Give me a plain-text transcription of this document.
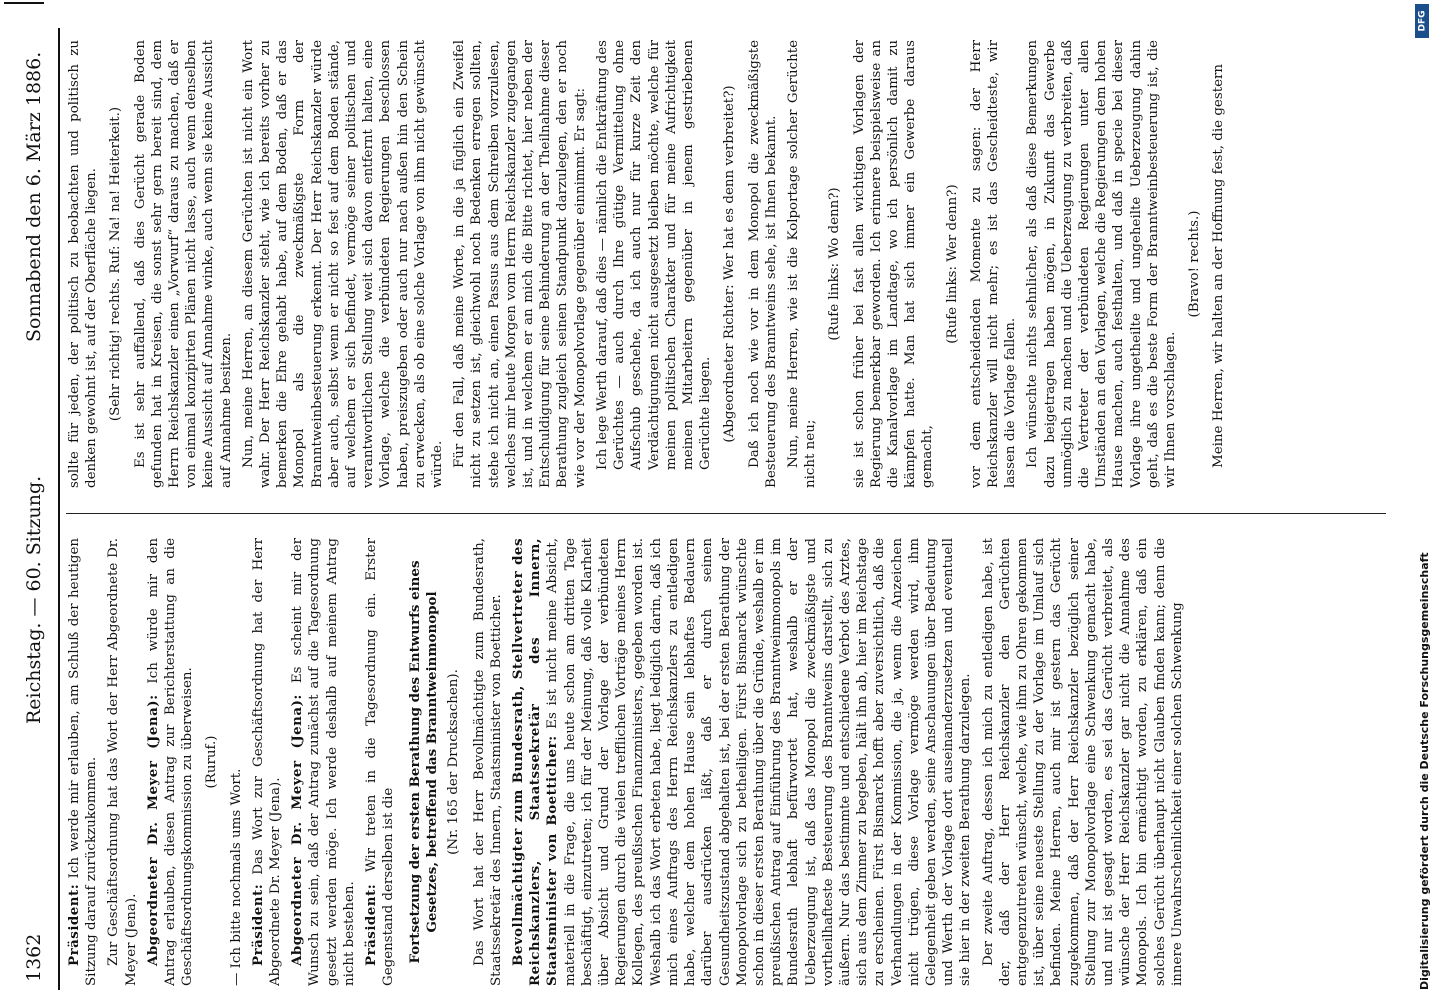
1362
Reichstag. — 60. Sitzung.
Sonnabend den 6. März 1886.

Präsident: Ich werde mir erlauben, am Schluß der heutigen Sitzung darauf zurückzukommen. Zur Geschäftsordnung hat das Wort der Herr Abgeordnete Dr. Meyer (Jena). Abgeordneter Dr. Meyer (Jena): Ich würde mir den Antrag erlauben, diesen Antrag zur Berichterstattung an die Geschäftsordnungskommission zu überweisen. (Ruruf.)

— Ich bitte nochmals ums Wort. Präsident: Das Wort zur Geschäftsordnung hat der Herr Abgeordnete Dr. Meyer (Jena). Abgeordneter Dr. Meyer (Jena): Es scheint mir der Wunsch zu sein, daß der Antrag zunächst auf die Tagesordnung gesetzt werden möge. Ich werde deshalb auf meinem Antrag nicht bestehen. Präsident: Wir treten in die Tagesordnung ein. Erster Gegenstand derselben ist die Fortsetzung der ersten Berathung des Entwurfs eines Gesetzes, betreffend das Branntweinmonopol (Nr. 165 der Drucksachen). Das Wort hat der Herr Bevollmächtigte zum Bundesrath, Staatssekretär des Innern, Staatsminister von Boetticher. Bevollmächtigter zum Bundesrath, Stellvertreter des Reichskanzlers, Staatssekretär des Innern, Staatsminister von Boetticher: Es ist nicht meine Absicht, materiell in die Frage, die uns heute schon am dritten Tage beschäftigt, einzutreten; ich für der Meinung, daß volle Klarheit über Absicht und Grund der Vorlage der verbündeten Regierungen durch die vielen trefflichen Vorträge meines Herrn Kollegen, des preußischen Finanzministers, gegeben worden ist. Weshalb ich das Wort erbeten habe, liegt lediglich darin, daß ich mich eines Auftrags des Herrn Reichskanzlers zu entledigen habe, welcher dem hohen Hause sein lebhaftes Bedauern darüber ausdrücken läßt, daß er durch seinen Gesundheitszustand abgehalten ist, bei der ersten Berathung der Monopolvorlage sich zu betheiligen. Fürst Bismarck wünschte schon in dieser ersten Berathung über die Gründe, weshalb er im preußischen Antrag auf Einführung des Branntweinmonopols im Bundesrath lebhaft befürwortet hat, weshalb er der Ueberzeugung ist, daß das Monopol die zweckmäßigste und vortheilhafteste Besteuerung des Branntweins darstellt, sich zu äußern. Nur das bestimmte und entschiedene Verbot des Arztes, sich aus dem Zimmer zu begeben, hält ihn ab, hier im Reichstage zu erscheinen. Fürst Bismarck hofft aber zuversichtlich, daß die Verhandlungen in der Kommission, die ja, wenn die Anzeichen nicht trügen, diese Vorlage vermöge werden wird, ihm Gelegenheit geben werden, seine Anschauungen über Bedeutung und Werth der Vorlage dort auseinanderzusetzen und eventuell sie hier in der zweiten Berathung darzulegen. Der zweite Auftrag, dessen ich mich zu entledigen habe, ist der, daß der Herr Reichskanzler den Gerüchten entgegenzutreten wünscht, welche, wie ihm zu Ohren gekommen ist, über seine neueste Stellung zu der Vorlage im Umlauf sich befinden. Meine Herren, auch mir ist gestern das Gerücht zugekommen, daß der Herr Reichskanzler bezüglich seiner Stellung zur Monopolvorlage eine Schwenkung gemacht habe, und nur ist gesagt worden, es sei das Gerücht verbreitet, als wünsche der Herr Reichskanzler gar nicht die Annahme des Monopols. Ich bin ermächtigt worden, zu erklären, daß ein solches Gerücht überhaupt nicht Glauben finden kann; denn die innere Unwahrscheinlichkeit einer solchen Schwenkung

sollte für jeden, der politisch zu beobachten und politisch zu denken gewohnt ist, auf der Oberfläche liegen. (Sehr richtig! rechts. Ruf: Na! na! Heiterkeit.) Es ist sehr auffallend, daß dies Gerücht gerade Boden gefunden hat in Kreisen, die sonst sehr gern bereit sind, dem Herrn Reichskanzler einen „Vorwurf“ daraus zu machen, daß er von einmal konzipirten Plänen nicht lasse, auch wenn denselben keine Aussicht auf Annahme winke, auch wenn sie keine Aussicht auf Annahme besitzen. Nun, meine Herren, an diesem Gerüchten ist nicht ein Wort wahr. Der Herr Reichskanzler steht, wie ich bereits vorher zu bemerken die Ehre gehabt habe, auf dem Boden, daß er das Monopol als die zweckmäßigste Form der Branntweinbesteuerung erkennt. Der Herr Reichskanzler würde aber auch, selbst wenn er nicht so fest auf dem Boden stände, auf welchem er sich befindet, vermöge seiner politischen und verantwortlichen Stellung weit sich davon entfernt halten, eine Vorlage, welche die verbündeten Regierungen beschlossen haben, preiszugeben oder auch nur nach außen hin den Schein zu erwecken, als ob eine solche Vorlage von ihm nicht gewünscht würde. Für den Fall, daß meine Worte, in die ja füglich ein Zweifel nicht zu setzen ist, gleichwohl noch Bedenken erregen sollten, stehe ich nicht an, einen Passus aus dem Schreiben vorzulesen, welches mir heute Morgen vom Herrn Reichskanzler zugegangen ist, und in welchem er an mich die Bitte richtet, hier neben der Entschuldigung für seine Behinderung an der Theilnahme dieser Berathung zugleich seinen Standpunkt darzulegen, den er noch wie vor der Monopolvorlage gegenüber einnimmt. Er sagt: Ich lege Werth darauf, daß dies — nämlich die Entkräftung des Gerüchtes — auch durch Ihre gütige Vermittelung ohne Aufschub geschehe, da ich auch nur für kurze Zeit den Verdächtigungen nicht ausgesetzt bleiben möchte, welche für meinen politischen Charakter und für meine Aufrichtigkeit meinen Mitarbeitern gegenüber in jenem gestriebenen Gerüchte liegen. (Abgeordneter Richter: Wer hat es denn verbreitet?) Daß ich noch wie vor in dem Monopol die zweckmäßigste Besteuerung des Branntweins sehe, ist Ihnen bekannt. Nun, meine Herren, wie ist die Kolportage solcher Gerüchte nicht neu;

(Rufe links: Wo denn?) sie ist schon früher bei fast allen wichtigen Vorlagen der Regierung bemerkbar geworden. Ich erinnere beispielsweise an die Kanalvorlage im Landtage, wo ich persönlich damit zu kämpfen hatte. Man hat sich immer ein Gewerbe daraus gemacht,

(Rufe links: Wer denn?) vor dem entscheidenden Momente zu sagen: der Herr Reichskanzler will nicht mehr; es ist das Gescheidteste, wir lassen die Vorlage fallen. Ich wünschte nichts sehnlicher, als daß diese Bemerkungen dazu beigetragen haben mögen, in Zukunft das Gewerbe unmöglich zu machen und die Ueberzeugung zu verbreiten, daß die Vertreter der verbündeten Regierungen unter allen Umständen an den Vorlagen, welche die Regierungen dem hohen Hause machen, auch festhalten, und daß in specie bei dieser Vorlage ihre ungetheilte und ungeheilte Ueberzeugung dahin geht, daß es die beste Form der Branntweinbesteuerung ist, die wir Ihnen vorschlagen.

(Bravo! rechts.) Meine Herren, wir halten an der Hoffnung fest, die gestern

Digitalisierung gefördert durch die Deutsche Forschungsgemeinschaft
DFG
